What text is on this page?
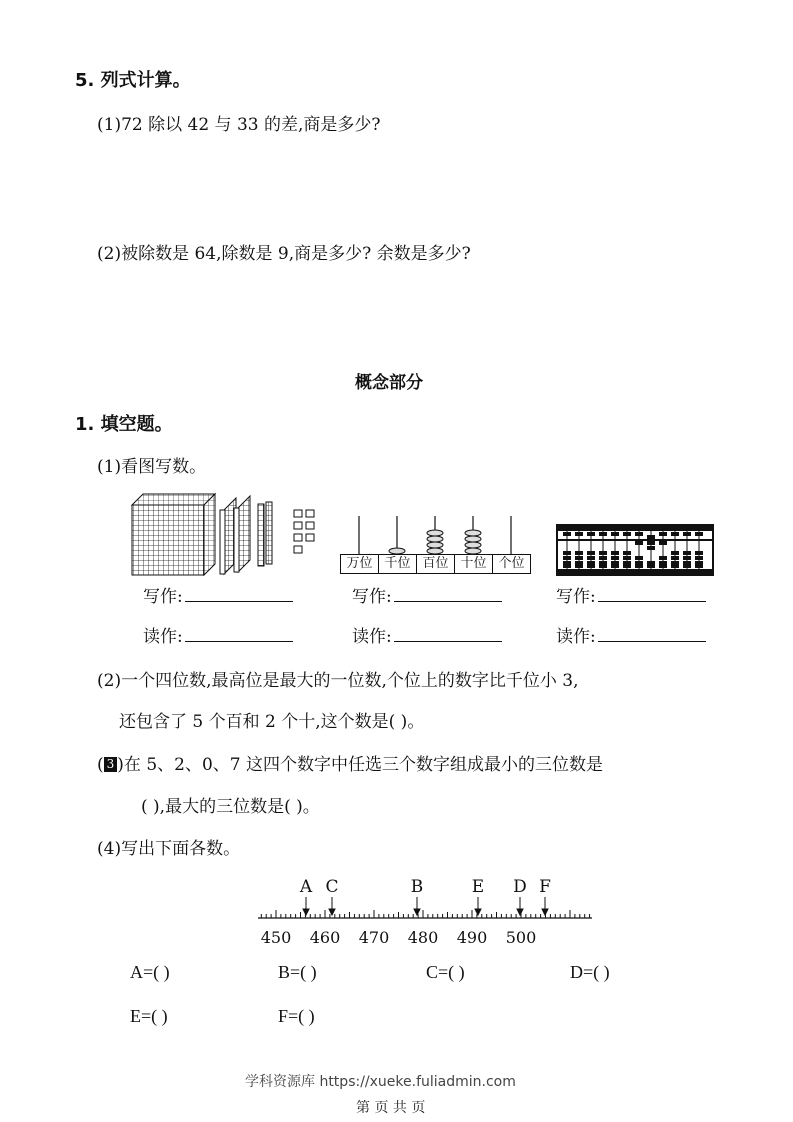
5. 列式计算。
(1)72 除以 42 与 33 的差,商是多少?
(2)被除数是 64,除数是 9,商是多少? 余数是多少?
概念部分
1. 填空题。
(1)看图写数。
万位 千位 百位 十位 个位
写作:	写作:	写作:
读作:	读作:	读作:
(2)一个四位数,最高位是最大的一位数,个位上的数字比千位小 3,
还包含了 5 个百和 2 个十,这个数是( )。
( 3 )在 5、2、0、7 这四个数字中任选三个数字组成最小的三位数是
( ),最大的三位数是( )。
(4)写出下面各数。
A C	B	E D F
450 460 470 480 490 500
A=( )	B=( )	C=( )	D=( )
E=( )	F=( )
学科资源库 https://xueke.fuliadmin.com
第 页 共 页
